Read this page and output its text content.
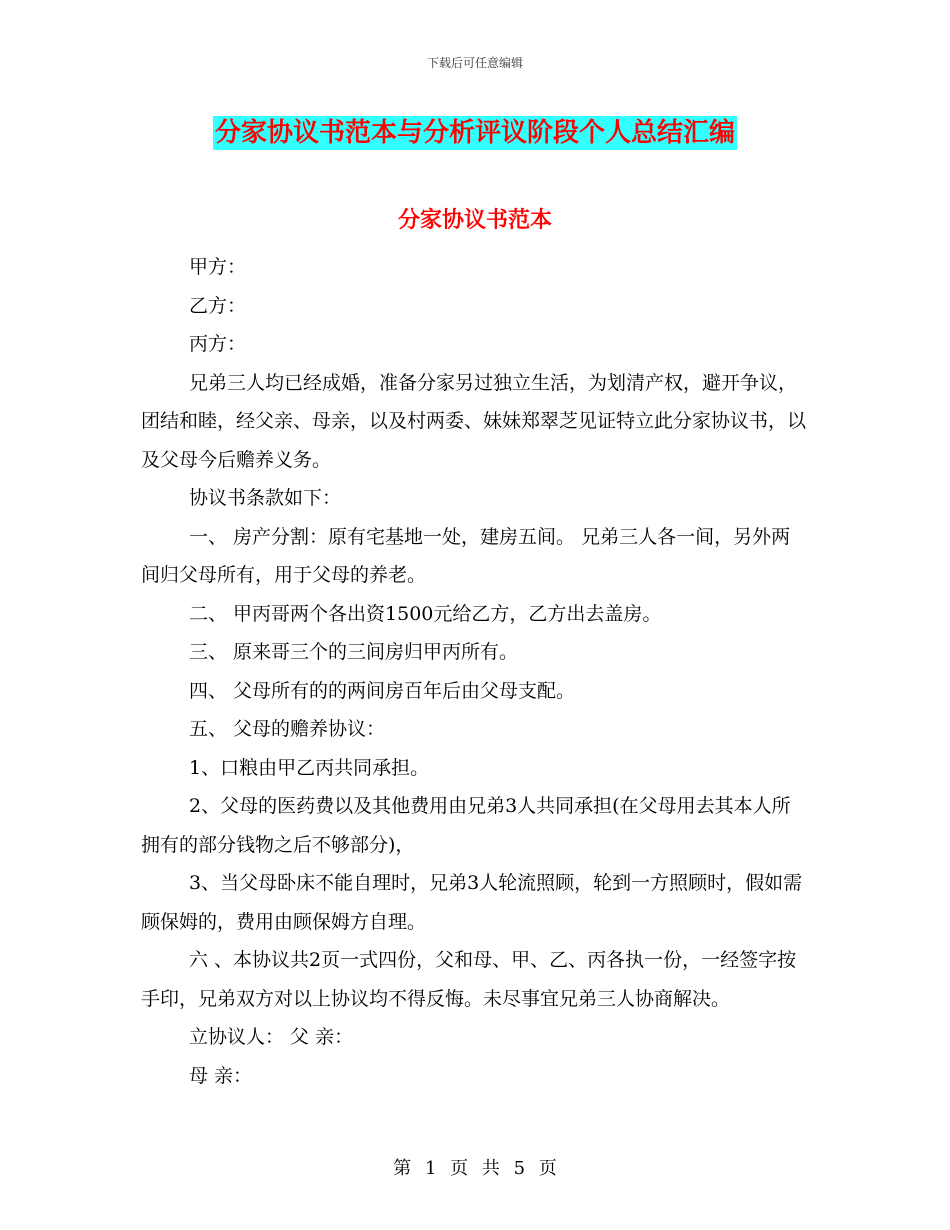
下载后可任意编辑
分家协议书范本与分析评议阶段个人总结汇编
分家协议书范本

甲方：

乙方：

丙方：

兄弟三人均已经成婚，准备分家另过独立生活，为划清产权，避开争议，团结和睦，经父亲、母亲，以及村两委、妹妹郑翠芝见证特立此分家协议书，以及父母今后赡养义务。

协议书条款如下：

一、 房产分割：原有宅基地一处，建房五间。 兄弟三人各一间，另外两间归父母所有，用于父母的养老。

二、 甲丙哥两个各出资1500元给乙方，乙方出去盖房。

三、 原来哥三个的三间房归甲丙所有。

四、 父母所有的的两间房百年后由父母支配。

五、 父母的赡养协议：

1、口粮由甲乙丙共同承担。

2、父母的医药费以及其他费用由兄弟3人共同承担(在父母用去其本人所拥有的部分钱物之后不够部分)，

3、当父母卧床不能自理时，兄弟3人轮流照顾，轮到一方照顾时，假如需顾保姆的，费用由顾保姆方自理。

六 、本协议共2页一式四份，父和母、甲、乙、丙各执一份，一经签字按手印，兄弟双方对以上协议均不得反悔。未尽事宜兄弟三人协商解决。

立协议人： 父 亲：

母 亲：

第 1 页 共 5 页
